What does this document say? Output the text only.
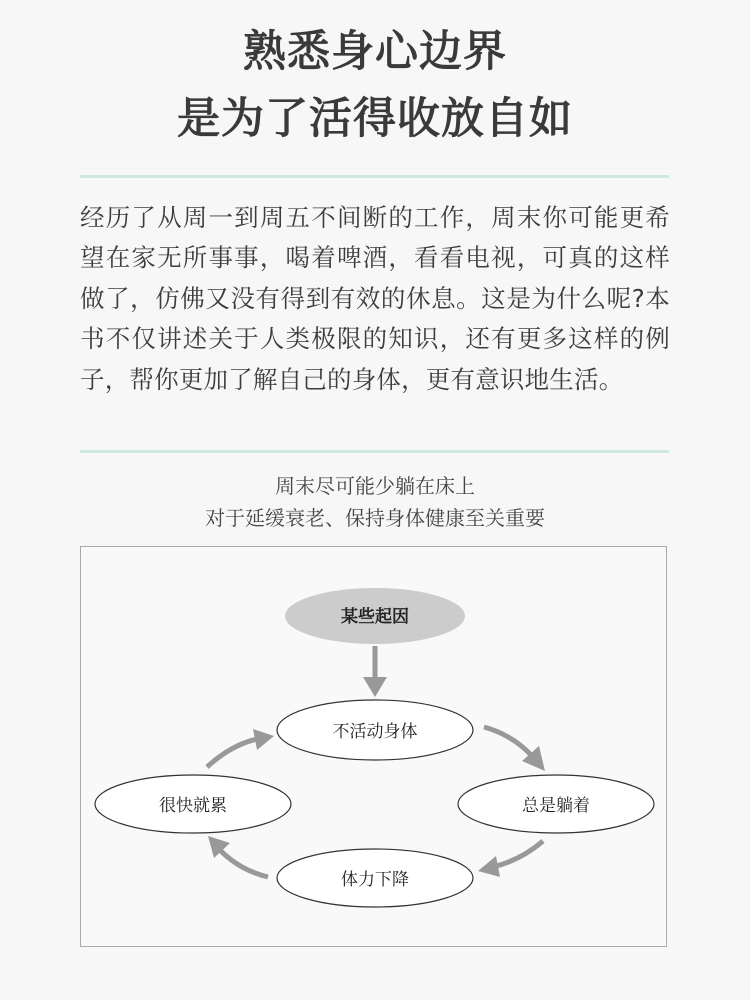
熟悉身心边界
是为了活得收放自如
经历了从周一到周五不间断的工作，周末你可能更希望在家无所事事，喝着啤酒，看看电视，可真的这样做了，仿佛又没有得到有效的休息。这是为什么呢?本书不仅讲述关于人类极限的知识，还有更多这样的例子，帮你更加了解自己的身体，更有意识地生活。
周末尽可能少躺在床上
对于延缓衰老、保持身体健康至关重要
某些起因
不活动身体
总是躺着
体力下降
很快就累
